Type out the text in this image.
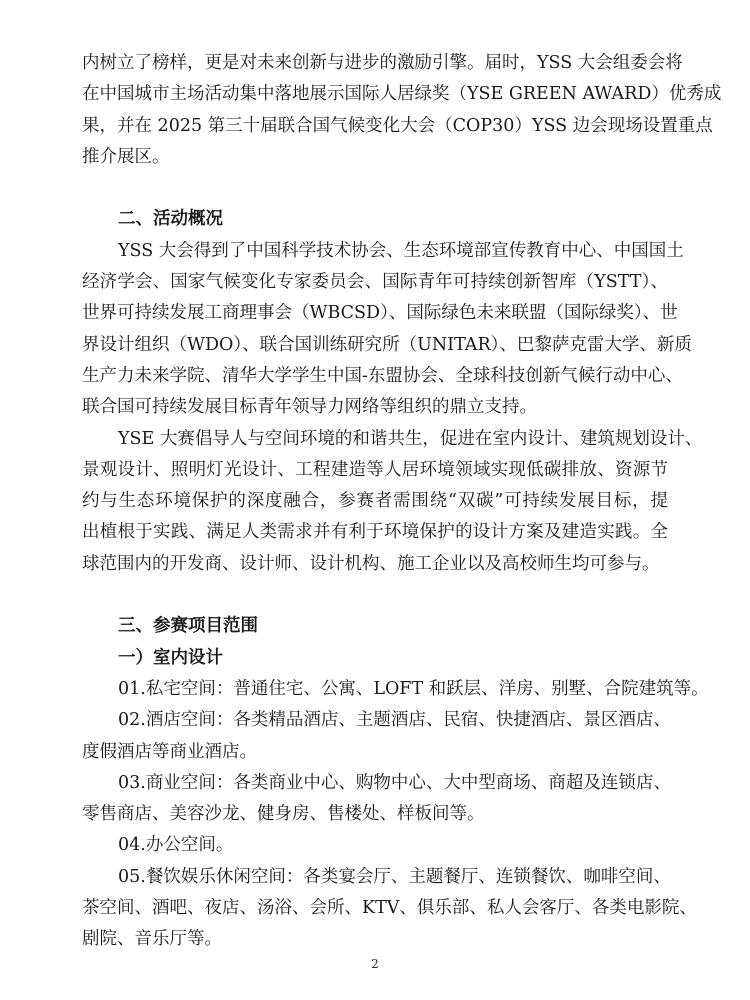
内树立了榜样，更是对未来创新与进步的激励引擎。届时，YSS 大会组委会将
在中国城市主场活动集中落地展示国际人居绿奖（YSE GREEN AWARD）优秀成
果，并在 2025 第三十届联合国气候变化大会（COP30）YSS 边会现场设置重点
推介展区。
二、活动概况
YSS 大会得到了中国科学技术协会、生态环境部宣传教育中心、中国国土
经济学会、国家气候变化专家委员会、国际青年可持续创新智库（YSTT）、
世界可持续发展工商理事会（WBCSD）、国际绿色未来联盟（国际绿奖）、世
界设计组织（WDO）、联合国训练研究所（UNITAR）、巴黎萨克雷大学、新质
生产力未来学院、清华大学学生中国-东盟协会、全球科技创新气候行动中心、
联合国可持续发展目标青年领导力网络等组织的鼎立支持。
YSE 大赛倡导人与空间环境的和谐共生，促进在室内设计、建筑规划设计、
景观设计、照明灯光设计、工程建造等人居环境领域实现低碳排放、资源节
约与生态环境保护的深度融合，参赛者需围绕“双碳”可持续发展目标，提
出植根于实践、满足人类需求并有利于环境保护的设计方案及建造实践。全
球范围内的开发商、设计师、设计机构、施工企业以及高校师生均可参与。
三、参赛项目范围
一）室内设计
01.私宅空间：普通住宅、公寓、LOFT 和跃层、洋房、别墅、合院建筑等。
02.酒店空间：各类精品酒店、主题酒店、民宿、快捷酒店、景区酒店、
度假酒店等商业酒店。
03.商业空间：各类商业中心、购物中心、大中型商场、商超及连锁店、
零售商店、美容沙龙、健身房、售楼处、样板间等。
04.办公空间。
05.餐饮娱乐休闲空间：各类宴会厅、主题餐厅、连锁餐饮、咖啡空间、
茶空间、酒吧、夜店、汤浴、会所、KTV、俱乐部、私人会客厅、各类电影院、
剧院、音乐厅等。
2
